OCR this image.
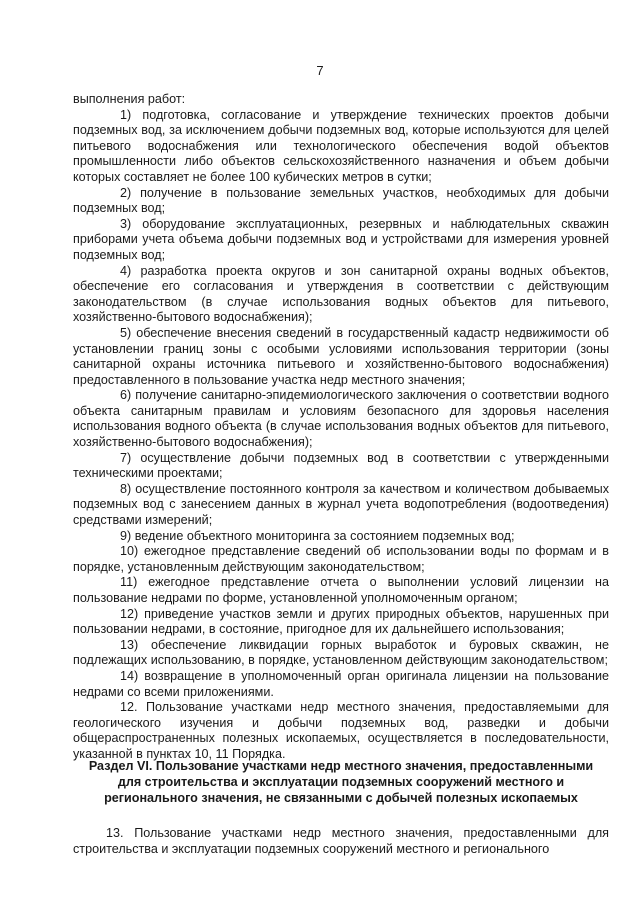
7

выполнения работ:

1) подготовка, согласование и утверждение технических проектов добычи подземных вод, за исключением добычи подземных вод, которые используются для целей питьевого водоснабжения или технологического обеспечения водой объектов промышленности либо объектов сельскохозяйственного назначения и объем добычи которых составляет не более 100 кубических метров в сутки;

2) получение в пользование земельных участков, необходимых для добычи подземных вод;

3) оборудование эксплуатационных, резервных и наблюдательных скважин приборами учета объема добычи подземных вод и устройствами для измерения уровней подземных вод;

4) разработка проекта округов и зон санитарной охраны водных объектов, обеспечение его согласования и утверждения в соответствии с действующим законодательством (в случае использования водных объектов для питьевого, хозяйственно-бытового водоснабжения);

5) обеспечение внесения сведений в государственный кадастр недвижимости об установлении границ зоны с особыми условиями использования территории (зоны санитарной охраны источника питьевого и хозяйственно-бытового водоснабжения) предоставленного в пользование участка недр местного значения;

6) получение санитарно-эпидемиологического заключения о соответствии водного объекта санитарным правилам и условиям безопасного для здоровья населения использования водного объекта (в случае использования водных объектов для питьевого, хозяйственно-бытового водоснабжения);

7) осуществление добычи подземных вод в соответствии с утвержденными техническими проектами;

8) осуществление постоянного контроля за качеством и количеством добываемых подземных вод с занесением данных в журнал учета водопотребления (водоотведения) средствами измерений;

9) ведение объектного мониторинга за состоянием подземных вод;

10) ежегодное представление сведений об использовании воды по формам и в порядке, установленным действующим законодательством;

11) ежегодное представление отчета о выполнении условий лицензии на пользование недрами по форме, установленной уполномоченным органом;

12) приведение участков земли и других природных объектов, нарушенных при пользовании недрами, в состояние, пригодное для их дальнейшего использования;

13) обеспечение ликвидации горных выработок и буровых скважин, не подлежащих использованию, в порядке, установленном действующим законодательством;

14) возвращение в уполномоченный орган оригинала лицензии на пользование недрами со всеми приложениями.

12. Пользование участками недр местного значения, предоставляемыми для геологического изучения и добычи подземных вод, разведки и добычи общераспространенных полезных ископаемых, осуществляется в последовательности, указанной в пунктах 10, 11 Порядка.

Раздел VI. Пользование участками недр местного значения, предоставленными
для строительства и эксплуатации подземных сооружений местного и
регионального значения, не связанными с добычей полезных ископаемых

13. Пользование участками недр местного значения, предоставленными для строительства и эксплуатации подземных сооружений местного и регионального
